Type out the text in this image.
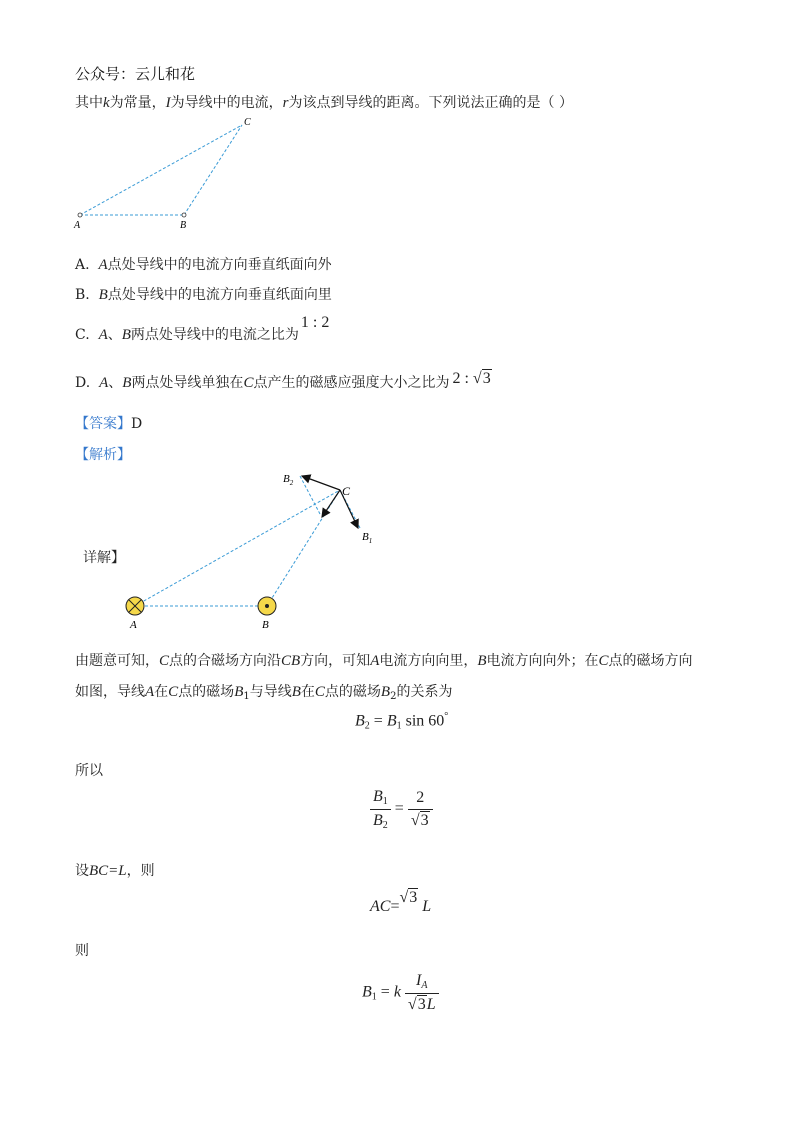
公众号：云儿和花
其中k为常量，I为导线中的电流，r为该点到导线的距离。下列说法正确的是（ ）
A	B
C
A. A点处导线中的电流方向垂直纸面向外
B. B点处导线中的电流方向垂直纸面向里
C. A、B两点处导线中的电流之比为1 : 2
D. A、B两点处导线单独在C点产生的磁感应强度大小之比为 2 : √3
【答案】D
【解析】
A	B
C
$B_1$
$B_2$
详解】
由题意可知，C点的合磁场方向沿CB方向，可知A电流方向向里，B电流方向向外；在C点的磁场方向
如图，导线A在C点的磁场$B_1$与导线B在C点的磁场$B_2$的关系为
$B_2 = B_1$ sin 60°
所以
$\frac{B_1}{B_2} = \frac{2}{√3}$
设BC=L，则
AC=√3 L
则
$B_1 = k \frac{I_A}{√3L}$
